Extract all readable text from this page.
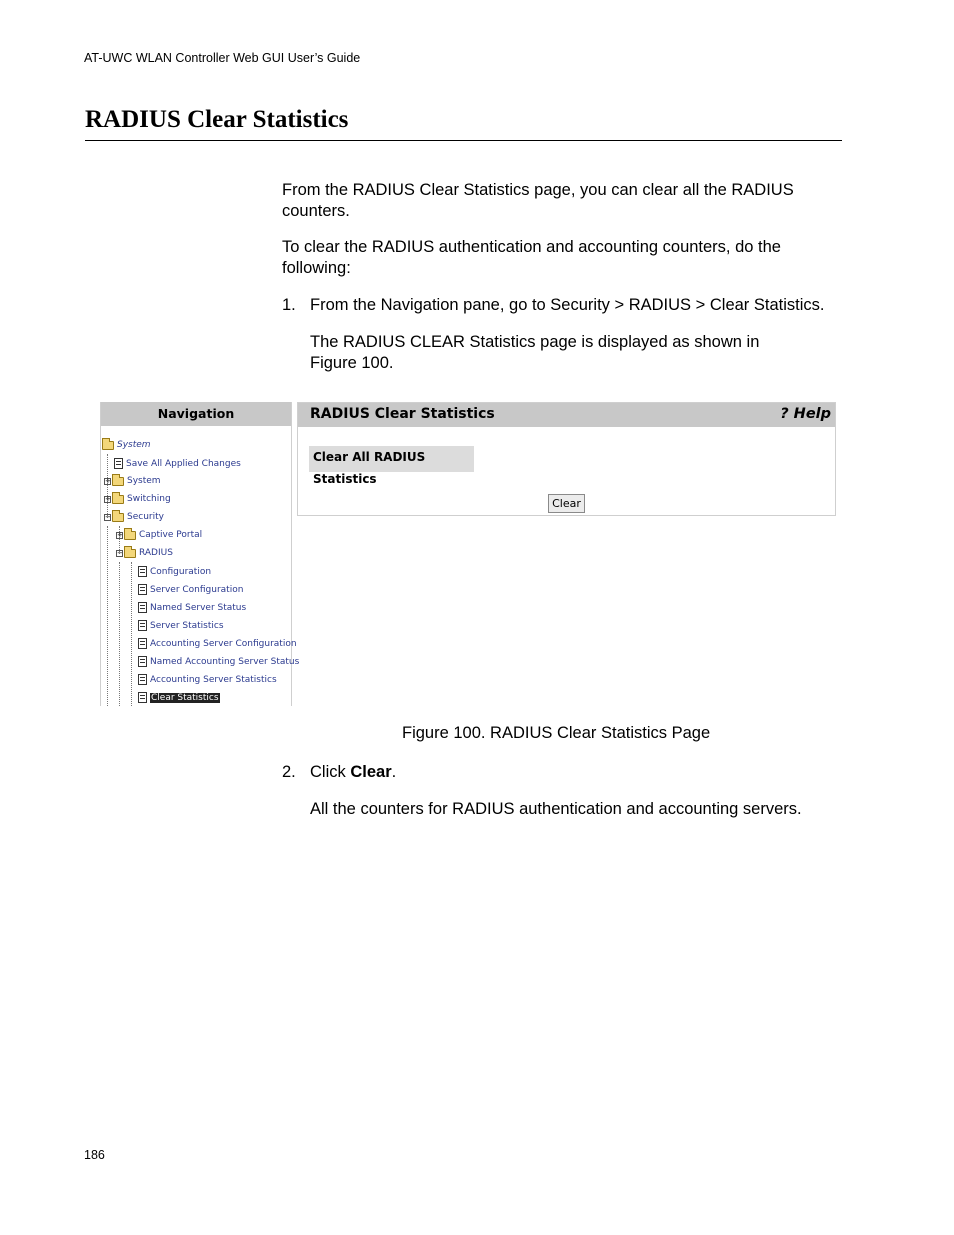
AT-UWC WLAN Controller Web GUI User’s Guide
RADIUS Clear Statistics

From the RADIUS Clear Statistics page, you can clear all the RADIUS counters.

To clear the RADIUS authentication and accounting counters, do the following:

1. From the Navigation pane, go to Security > RADIUS > Clear Statistics.

The RADIUS CLEAR Statistics page is displayed as shown in Figure 100.

Navigation
System
Save All Applied Changes
+ System
+ Switching
− Security
+ Captive Portal
− RADIUS
Configuration
Server Configuration
Named Server Status
Server Statistics
Accounting Server Configuration
Named Accounting Server Status
Accounting Server Statistics
Clear Statistics
RADIUS Clear Statistics	? Help
Clear All RADIUS Statistics
Clear
Figure 100. RADIUS Clear Statistics Page
2. Click Clear.

All the counters for RADIUS authentication and accounting servers.

186
